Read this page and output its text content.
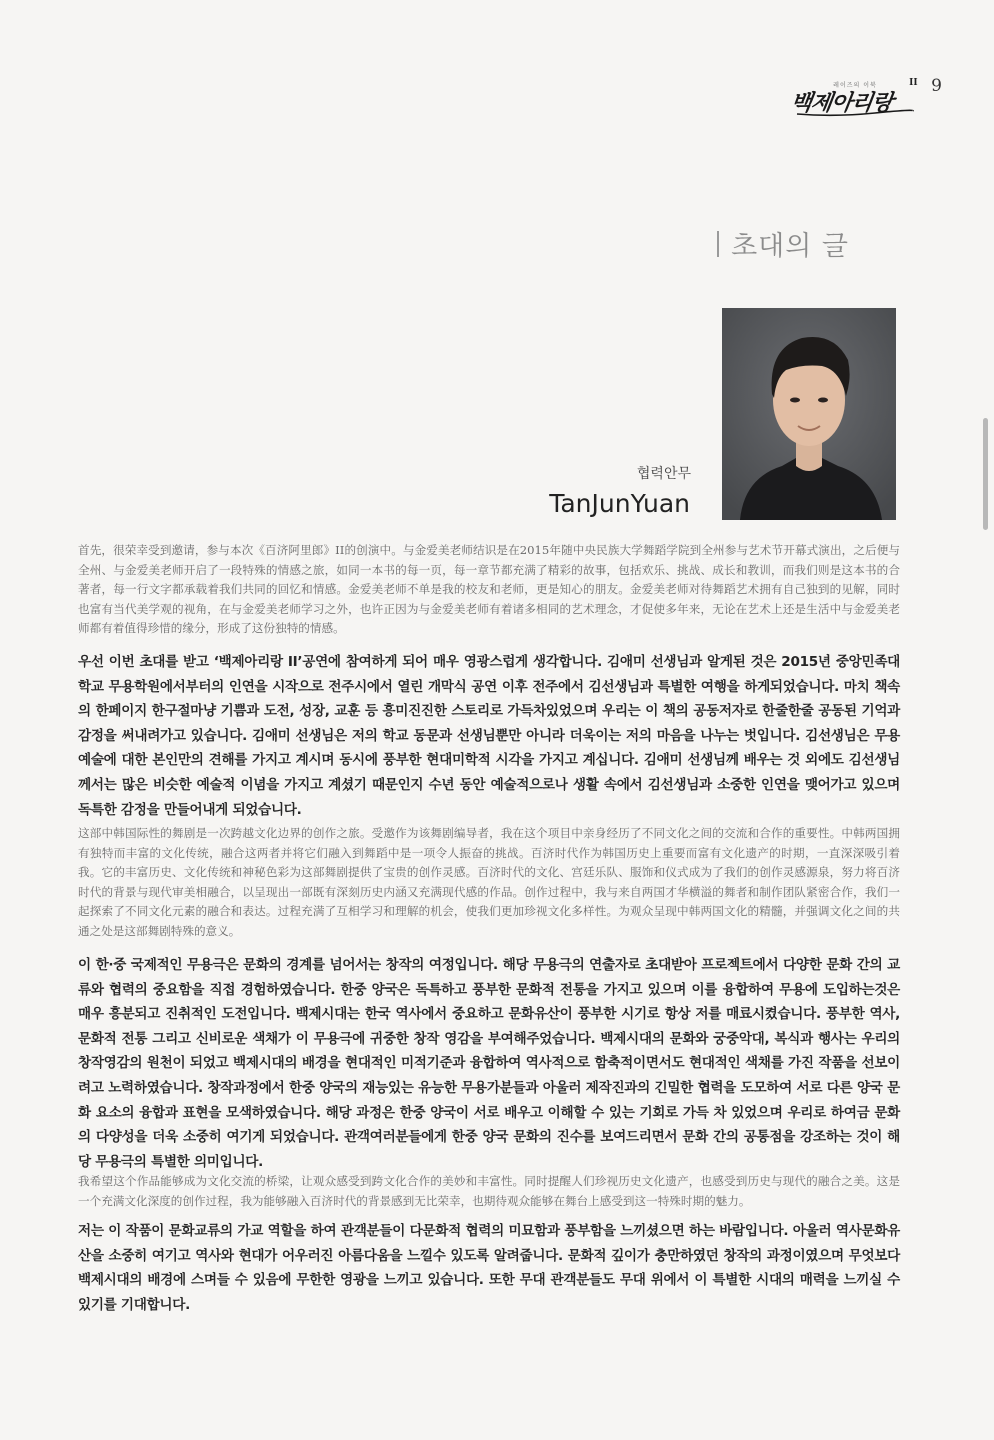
레이즈의 이북
백제아리랑
II 9
초대의 글
협력안무
TanJunYuan

首先，很荣幸受到邀请，参与本次《百济阿里郎》II的创演中。与金爱美老师结识是在2015年随中央民族大学舞蹈学院到全州参与艺术节开幕式演出，之后便与全州、与金爱美老师开启了一段特殊的情感之旅，如同一本书的每一页，每一章节都充满了精彩的故事，包括欢乐、挑战、成长和教训，而我们则是这本书的合著者，每一行文字都承载着我们共同的回忆和情感。金爱美老师不单是我的校友和老师，更是知心的朋友。金爱美老师对待舞蹈艺术拥有自己独到的见解，同时也富有当代美学观的视角，在与金爱美老师学习之外，也许正因为与金爱美老师有着诸多相同的艺术理念，才促使多年来，无论在艺术上还是生活中与金爱美老师都有着值得珍惜的缘分，形成了这份独特的情感。

우선 이번 초대를 받고 ‘백제아리랑 II’공연에 참여하게 되어 매우 영광스럽게 생각합니다. 김애미 선생님과 알게된 것은 2015년 중앙민족대학교 무용학원에서부터의 인연을 시작으로 전주시에서 열린 개막식 공연 이후 전주에서 김선생님과 특별한 여행을 하게되었습니다. 마치 책속의 한페이지 한구절마냥 기쁨과 도전, 성장, 교훈 등 흥미진진한 스토리로 가득차있었으며 우리는 이 책의 공동저자로 한줄한줄 공동된 기억과 감정을 써내려가고 있습니다. 김애미 선생님은 저의 학교 동문과 선생님뿐만 아니라 더욱이는 저의 마음을 나누는 벗입니다. 김선생님은 무용예술에 대한 본인만의 견해를 가지고 계시며 동시에 풍부한 현대미학적 시각을 가지고 계십니다. 김애미 선생님께 배우는 것 외에도 김선생님께서는 많은 비슷한 예술적 이념을 가지고 계셨기 때문인지 수년 동안 예술적으로나 생활 속에서 김선생님과 소중한 인연을 맺어가고 있으며 독특한 감정을 만들어내게 되었습니다.

这部中韩国际性的舞剧是一次跨越文化边界的创作之旅。受邀作为该舞剧编导者，我在这个项目中亲身经历了不同文化之间的交流和合作的重要性。中韩两国拥有独特而丰富的文化传统，融合这两者并将它们融入到舞蹈中是一项令人振奋的挑战。百济时代作为韩国历史上重要而富有文化遗产的时期，一直深深吸引着我。它的丰富历史、文化传统和神秘色彩为这部舞剧提供了宝贵的创作灵感。百济时代的文化、宫廷乐队、服饰和仪式成为了我们的创作灵感源泉，努力将百济时代的背景与现代审美相融合，以呈现出一部既有深刻历史内涵又充满现代感的作品。创作过程中，我与来自两国才华横溢的舞者和制作团队紧密合作，我们一起探索了不同文化元素的融合和表达。过程充满了互相学习和理解的机会，使我们更加珍视文化多样性。为观众呈现中韩两国文化的精髓，并强调文化之间的共通之处是这部舞剧特殊的意义。

이 한·중 국제적인 무용극은 문화의 경계를 넘어서는 창작의 여정입니다. 해당 무용극의 연출자로 초대받아 프로젝트에서 다양한 문화 간의 교류와 협력의 중요함을 직접 경험하였습니다. 한중 양국은 독특하고 풍부한 문화적 전통을 가지고 있으며 이를 융합하여 무용에 도입하는것은 매우 흥분되고 진취적인 도전입니다. 백제시대는 한국 역사에서 중요하고 문화유산이 풍부한 시기로 항상 저를 매료시켰습니다. 풍부한 역사, 문화적 전통 그리고 신비로운 색채가 이 무용극에 귀중한 창작 영감을 부여해주었습니다. 백제시대의 문화와 궁중악대, 복식과 행사는 우리의 창작영감의 원천이 되었고 백제시대의 배경을 현대적인 미적기준과 융합하여 역사적으로 함축적이면서도 현대적인 색채를 가진 작품을 선보이려고 노력하였습니다. 창작과정에서 한중 양국의 재능있는 유능한 무용가분들과 아울러 제작진과의 긴밀한 협력을 도모하여 서로 다른 양국 문화 요소의 융합과 표현을 모색하였습니다. 해당 과정은 한중 양국이 서로 배우고 이해할 수 있는 기회로 가득 차 있었으며 우리로 하여금 문화의 다양성을 더욱 소중히 여기게 되었습니다. 관객여러분들에게 한중 양국 문화의 진수를 보여드리면서 문화 간의 공통점을 강조하는 것이 해당 무용극의 특별한 의미입니다.

我希望这个作品能够成为文化交流的桥梁，让观众感受到跨文化合作的美妙和丰富性。同时提醒人们珍视历史文化遗产，也感受到历史与现代的融合之美。这是一个充满文化深度的创作过程，我为能够融入百济时代的背景感到无比荣幸，也期待观众能够在舞台上感受到这一特殊时期的魅力。

저는 이 작품이 문화교류의 가교 역할을 하여 관객분들이 다문화적 협력의 미묘함과 풍부함을 느끼셨으면 하는 바람입니다. 아울러 역사문화유산을 소중히 여기고 역사와 현대가 어우러진 아름다움을 느낄수 있도록 알려줍니다. 문화적 깊이가 충만하였던 창작의 과정이였으며 무엇보다 백제시대의 배경에 스며들 수 있음에 무한한 영광을 느끼고 있습니다. 또한 무대 관객분들도 무대 위에서 이 특별한 시대의 매력을 느끼실 수 있기를 기대합니다.
